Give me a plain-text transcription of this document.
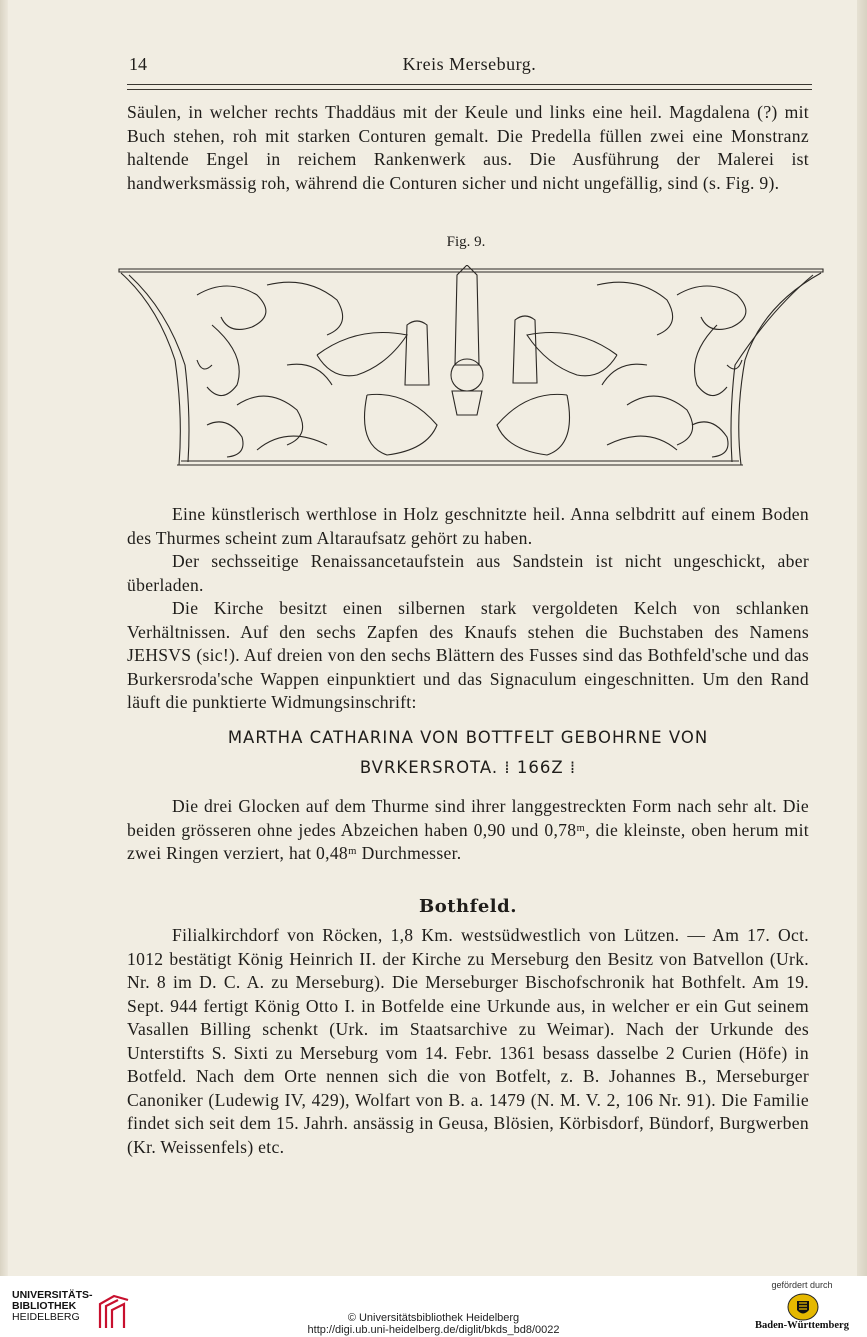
14	Kreis Merseburg.

Säulen, in welcher rechts Thaddäus mit der Keule und links eine heil. Magdalena (?) mit Buch stehen, roh mit starken Conturen gemalt. Die Predella füllen zwei eine Monstranz haltende Engel in reichem Rankenwerk aus. Die Ausführung der Malerei ist handwerksmässig roh, während die Conturen sicher und nicht ungefällig, sind (s. Fig. 9).

Fig. 9.

Eine künstlerisch werthlose in Holz geschnitzte heil. Anna selbdritt auf einem Boden des Thurmes scheint zum Altaraufsatz gehört zu haben.

Der sechsseitige Renaissancetaufstein aus Sandstein ist nicht ungeschickt, aber überladen.

Die Kirche besitzt einen silbernen stark vergoldeten Kelch von schlanken Verhältnissen. Auf den sechs Zapfen des Knaufs stehen die Buchstaben des Namens JEHSVS (sic!). Auf dreien von den sechs Blättern des Fusses sind das Bothfeld'sche und das Burkersroda'sche Wappen einpunktiert und das Signaculum eingeschnitten. Um den Rand läuft die punktierte Widmungsinschrift:

MARTHA CATHARINA VON BOTTFELT GEBOHRNE VON
BVRKERSROTA. ⁞ 166Z ⁞

Die drei Glocken auf dem Thurme sind ihrer langgestreckten Form nach sehr alt. Die beiden grösseren ohne jedes Abzeichen haben 0,90 und 0,78ᵐ, die kleinste, oben herum mit zwei Ringen verziert, hat 0,48ᵐ Durchmesser.

Bothfeld.

Filialkirchdorf von Röcken, 1,8 Km. westsüdwestlich von Lützen. — Am 17. Oct. 1012 bestätigt König Heinrich II. der Kirche zu Merseburg den Besitz von Batvellon (Urk. Nr. 8 im D. C. A. zu Merseburg). Die Merseburger Bischofschronik hat Bothfelt. Am 19. Sept. 944 fertigt König Otto I. in Botfelde eine Urkunde aus, in welcher er ein Gut seinem Vasallen Billing schenkt (Urk. im Staatsarchive zu Weimar). Nach der Urkunde des Unterstifts S. Sixti zu Merseburg vom 14. Febr. 1361 besass dasselbe 2 Curien (Höfe) in Botfeld. Nach dem Orte nennen sich die von Botfelt, z. B. Johannes B., Merseburger Canoniker (Ludewig IV, 429), Wolfart von B. a. 1479 (N. M. V. 2, 106 Nr. 91). Die Familie findet sich seit dem 15. Jahrh. ansässig in Geusa, Blösien, Körbisdorf, Bündorf, Burgwerben (Kr. Weissenfels) etc.

UNIVERSITÄTS-
BIBLIOTHEK
HEIDELBERG	© Universitätsbibliothek Heidelberg
http://digi.ub.uni-heidelberg.de/diglit/bkds_bd8/0022
gefördert durch
Baden-Württemberg
